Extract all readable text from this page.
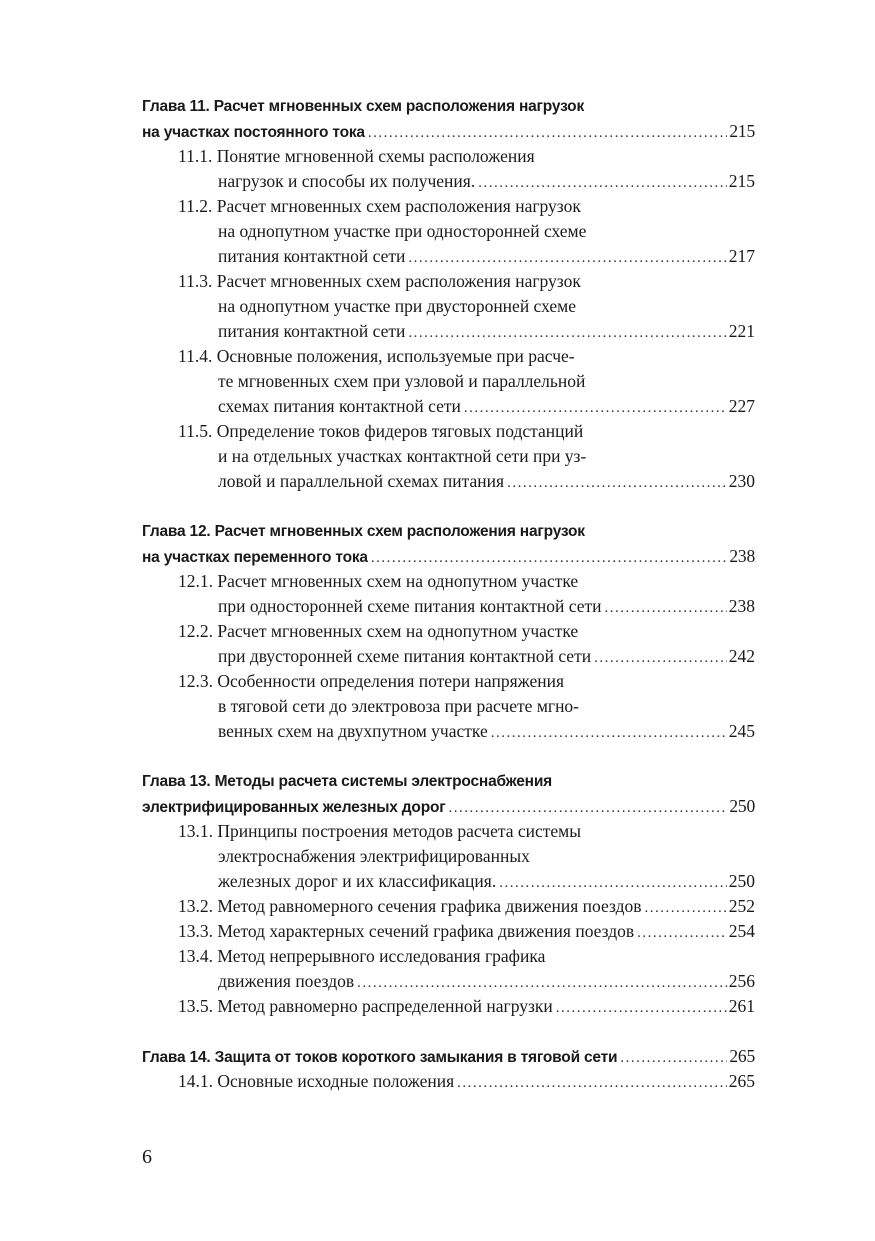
Глава 11. Расчет мгновенных схем расположения нагрузок
на участках постоянного тока .....	215
11.1. Понятие мгновенной схемы расположения
нагрузок и способы их получения. .....	215
11.2. Расчет мгновенных схем расположения нагрузок
на однопутном участке при односторонней схеме
питания контактной сети .....	217
11.3. Расчет мгновенных схем расположения нагрузок
на однопутном участке при двусторонней схеме
питания контактной сети .....	221
11.4. Основные положения, используемые при расче-
те мгновенных схем при узловой и параллельной
схемах питания контактной сети .....	227
11.5. Определение токов фидеров тяговых подстанций
и на отдельных участках контактной сети при уз-
ловой и параллельной схемах питания .....	230
Глава 12. Расчет мгновенных схем расположения нагрузок
на участках переменного тока .....	238
12.1. Расчет мгновенных схем на однопутном участке
при односторонней схеме питания контактной сети .....	238
12.2. Расчет мгновенных схем на однопутном участке
при двусторонней схеме питания контактной сети .....	242
12.3. Особенности определения потери напряжения
в тяговой сети до электровоза при расчете мгно-
венных схем на двухпутном участке .....	245
Глава 13. Методы расчета системы электроснабжения
электрифицированных железных дорог .....	250
13.1. Принципы построения методов расчета системы
электроснабжения электрифицированных
железных дорог и их классификация. .....	250
13.2. Метод равномерного сечения графика движения поездов .....	252
13.3. Метод характерных сечений графика движения поездов .....	254
13.4. Метод непрерывного исследования графика
движения поездов .....	256
13.5. Метод равномерно распределенной нагрузки .....	261
Глава 14. Защита от токов короткого замыкания в тяговой сети .....	265
14.1. Основные исходные положения .....	265
6
